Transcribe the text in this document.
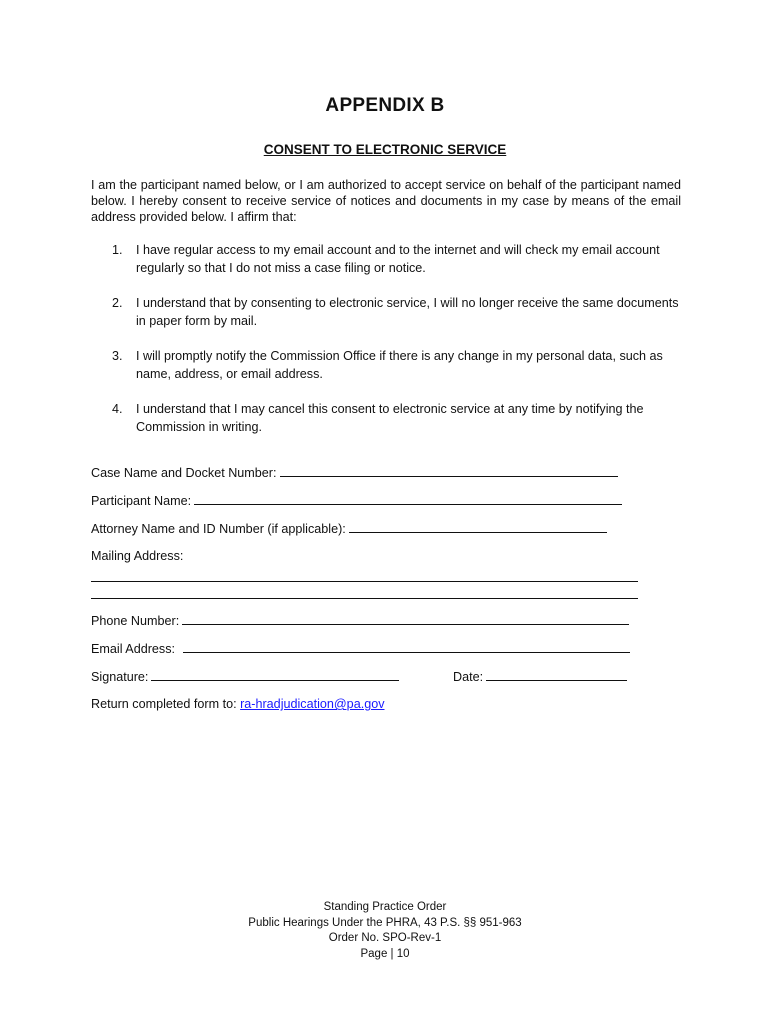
APPENDIX B
CONSENT TO ELECTRONIC SERVICE

I am the participant named below, or I am authorized to accept service on behalf of the participant named below. I hereby consent to receive service of notices and documents in my case by means of the email address provided below. I affirm that:

1. I have regular access to my email account and to the internet and will check my email account regularly so that I do not miss a case filing or notice.
2. I understand that by consenting to electronic service, I will no longer receive the same documents in paper form by mail.
3. I will promptly notify the Commission Office if there is any change in my personal data, such as name, address, or email address.
4. I understand that I may cancel this consent to electronic service at any time by notifying the Commission in writing.
Case Name and Docket Number:
Participant Name:
Attorney Name and ID Number (if applicable):
Mailing Address:
Phone Number:
Email Address:
Signature:	Date:
Return completed form to: ra-hradjudication@pa.gov
Standing Practice Order
Public Hearings Under the PHRA, 43 P.S. §§ 951-963
Order No. SPO-Rev-1
Page | 10
